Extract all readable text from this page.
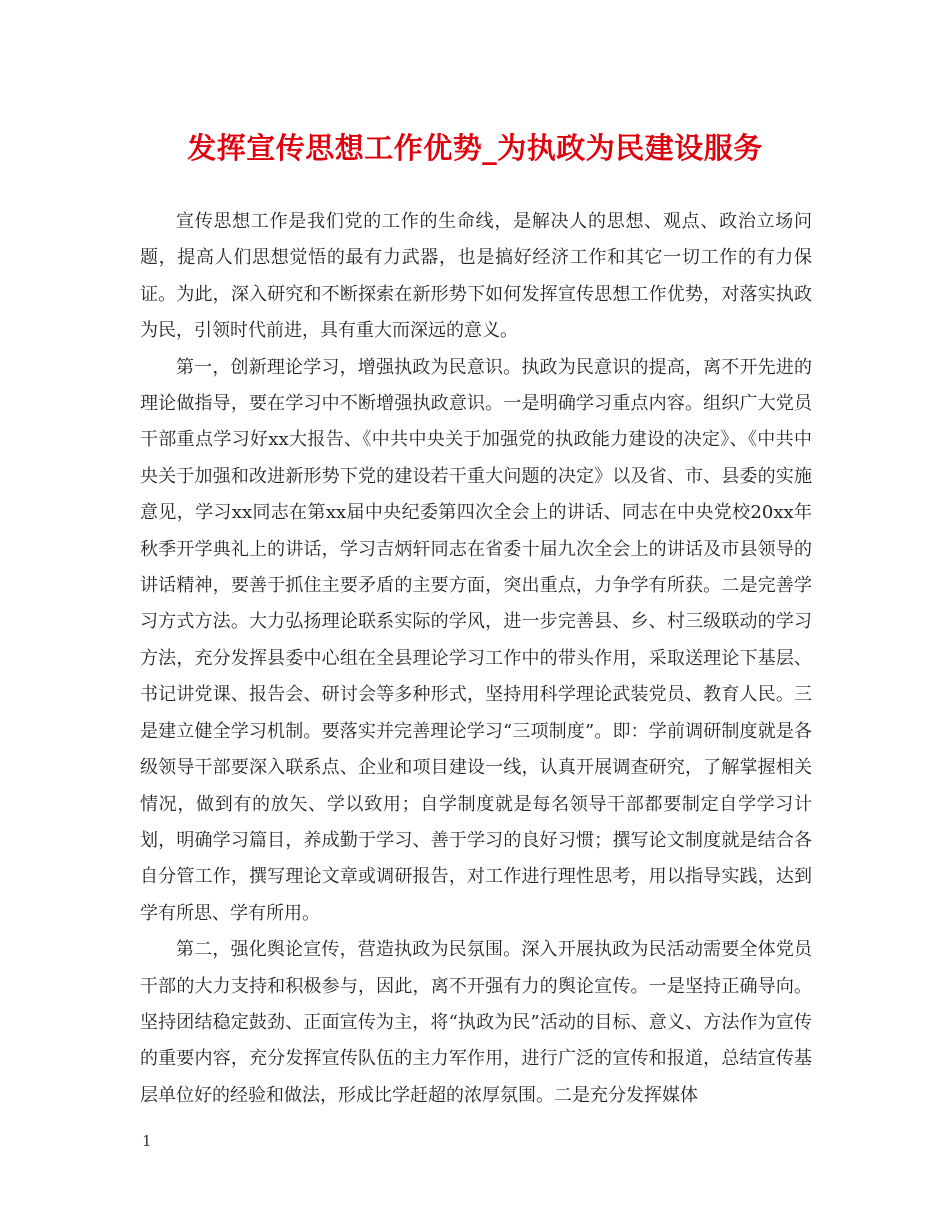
发挥宣传思想工作优势_为执政为民建设服务

宣传思想工作是我们党的工作的生命线，是解决人的思想、观点、政治立场问题，提高人们思想觉悟的最有力武器，也是搞好经济工作和其它一切工作的有力保证。为此，深入研究和不断探索在新形势下如何发挥宣传思想工作优势，对落实执政为民，引领时代前进，具有重大而深远的意义。

第一，创新理论学习，增强执政为民意识。执政为民意识的提高，离不开先进的理论做指导，要在学习中不断增强执政意识。一是明确学习重点内容。组织广大党员干部重点学习好xx大报告、《中共中央关于加强党的执政能力建设的决定》、《中共中央关于加强和改进新形势下党的建设若干重大问题的决定》以及省、市、县委的实施意见，学习xx同志在第xx届中央纪委第四次全会上的讲话、同志在中央党校20xx年秋季开学典礼上的讲话，学习吉炳轩同志在省委十届九次全会上的讲话及市县领导的讲话精神，要善于抓住主要矛盾的主要方面，突出重点，力争学有所获。二是完善学习方式方法。大力弘扬理论联系实际的学风，进一步完善县、乡、村三级联动的学习方法，充分发挥县委中心组在全县理论学习工作中的带头作用，采取送理论下基层、书记讲党课、报告会、研讨会等多种形式，坚持用科学理论武装党员、教育人民。三是建立健全学习机制。要落实并完善理论学习“三项制度”。即：学前调研制度就是各级领导干部要深入联系点、企业和项目建设一线，认真开展调查研究，了解掌握相关情况，做到有的放矢、学以致用；自学制度就是每名领导干部都要制定自学学习计划，明确学习篇目，养成勤于学习、善于学习的良好习惯；撰写论文制度就是结合各自分管工作，撰写理论文章或调研报告，对工作进行理性思考，用以指导实践，达到学有所思、学有所用。

第二，强化舆论宣传，营造执政为民氛围。深入开展执政为民活动需要全体党员干部的大力支持和积极参与，因此，离不开强有力的舆论宣传。一是坚持正确导向。坚持团结稳定鼓劲、正面宣传为主，将“执政为民”活动的目标、意义、方法作为宣传的重要内容，充分发挥宣传队伍的主力军作用，进行广泛的宣传和报道，总结宣传基层单位好的经验和做法，形成比学赶超的浓厚氛围。二是充分发挥媒体

1
